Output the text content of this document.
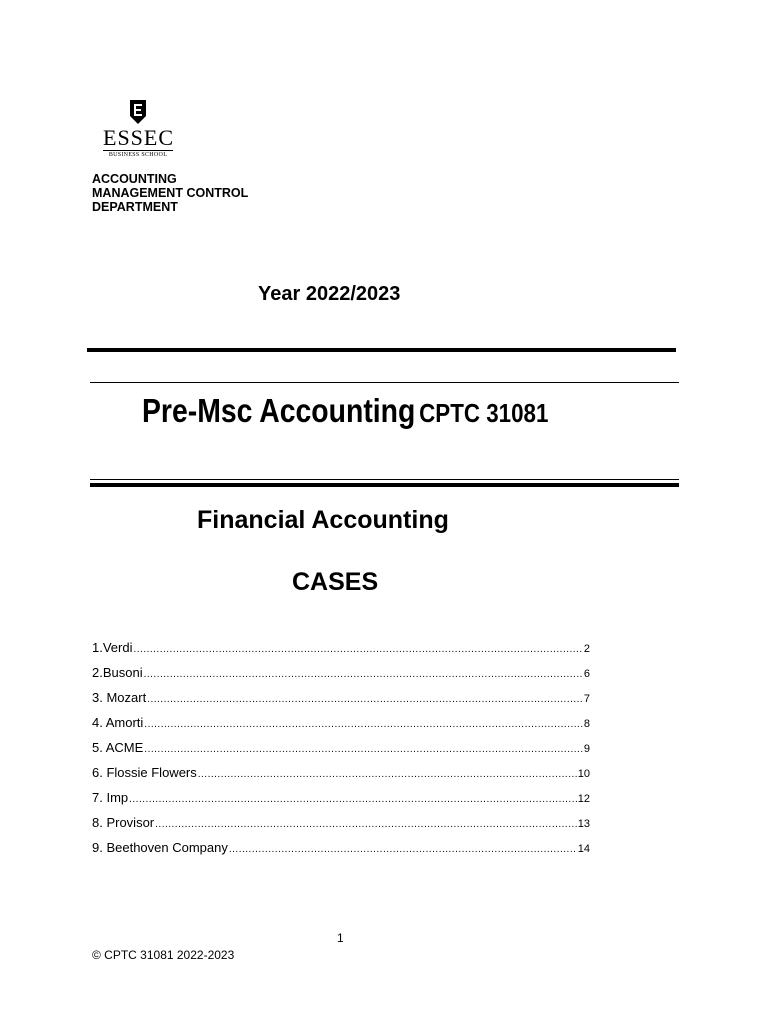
ESSEC
BUSINESS SCHOOL
ACCOUNTING
MANAGEMENT CONTROL
DEPARTMENT
Year 2022/2023
Pre-Msc Accounting CPTC 31081
Financial Accounting
CASES
1.Verdi .....	2
2.Busoni .....	6
3. Mozart .....	7
4. Amorti .....	8
5. ACME .....	9
6. Flossie Flowers .....	10
7. Imp .....	12
8. Provisor .....	13
9. Beethoven Company .....	14
1
© CPTC 31081 2022-2023
